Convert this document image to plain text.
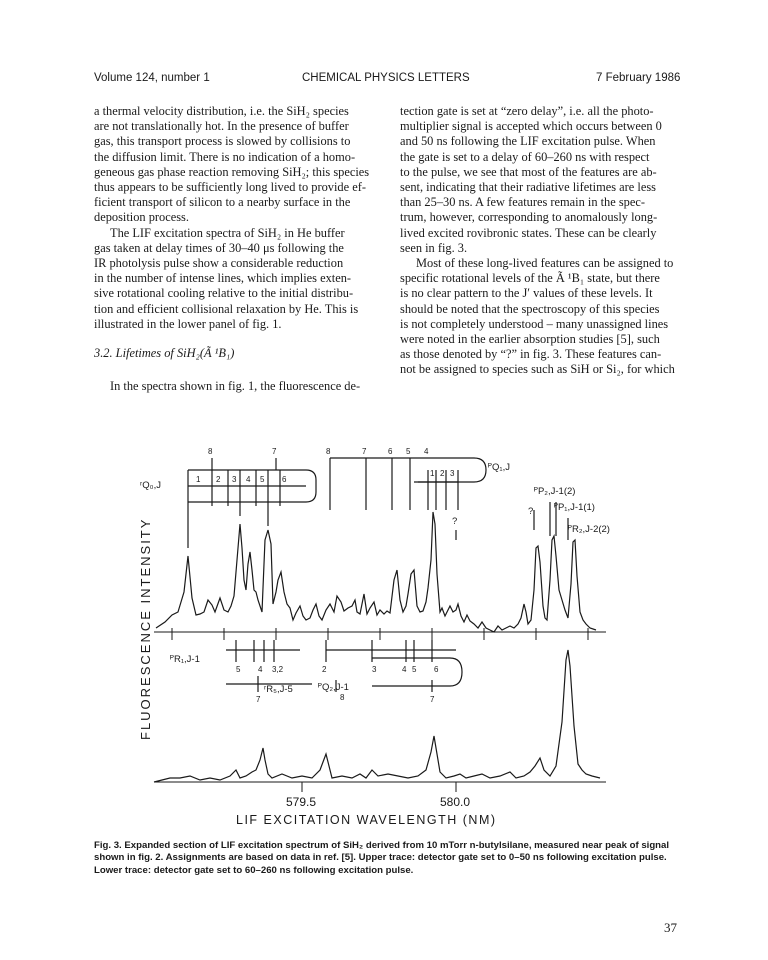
Volume 124, number 1	CHEMICAL PHYSICS LETTERS	7 February 1986

a thermal velocity distribution, i.e. the SiH₂ species
are not translationally hot. In the presence of buffer
gas, this transport process is slowed by collisions to
the diffusion limit. There is no indication of a homo-
geneous gas phase reaction removing SiH₂; this species
thus appears to be sufficiently long lived to provide ef-
ficient transport of silicon to a nearby surface in the
deposition process.

The LIF excitation spectra of SiH₂ in He buffer
gas taken at delay times of 30–40 μs following the
IR photolysis pulse show a considerable reduction
in the number of intense lines, which implies exten-
sive rotational cooling relative to the initial distribu-
tion and efficient collisional relaxation by He. This is
illustrated in the lower panel of fig. 1.

3.2. Lifetimes of SiH₂(Ã ¹B₁)

In the spectra shown in fig. 1, the fluorescence de-

tection gate is set at “zero delay”, i.e. all the photo-
multiplier signal is accepted which occurs between 0
and 50 ns following the LIF excitation pulse. When
the gate is set to a delay of 60–260 ns with respect
to the pulse, we see that most of the features are ab-
sent, indicating that their radiative lifetimes are less
than 25–30 ns. A few features remain in the spec-
trum, however, corresponding to anomalously long-
lived excited rovibronic states. These can be clearly
seen in fig. 3.

Most of these long-lived features can be assigned to
specific rotational levels of the Ã ¹B₁ state, but there
is no clear pattern to the J′ values of these levels. It
should be noted that the spectroscopy of this species
is not completely understood – many unassigned lines
were noted in the earlier absorption studies [5], such
as those denoted by “?” in fig. 3. These features can-
not be assigned to species such as SiH or Si₂, for which

ʳQ₀,J
ᴾQ₁,J
ᴾP₂,J-1(2)
ᴾP₁,J-1(1)
ᴾR₂,J-2(2)
?
?
ᴾR₁,J-1
ʳR₅,J-5	ᴾQ₂,J-1
8	7	8	7	6 5 4
1 2 3 4 5 6
1 2 3
5 4 3,2	2	3	4 5 6
7	8	7
FLUORESCENCE INTENSITY
579.5	580.0
LIF EXCITATION WAVELENGTH (NM)
Fig. 3. Expanded section of LIF excitation spectrum of SiH₂ derived from 10 mTorr n-butylsilane, measured near peak of signal
shown in fig. 2. Assignments are based on data in ref. [5]. Upper trace: detector gate set to 0–50 ns following excitation pulse.
Lower trace: detector gate set to 60–260 ns following excitation pulse.
37
